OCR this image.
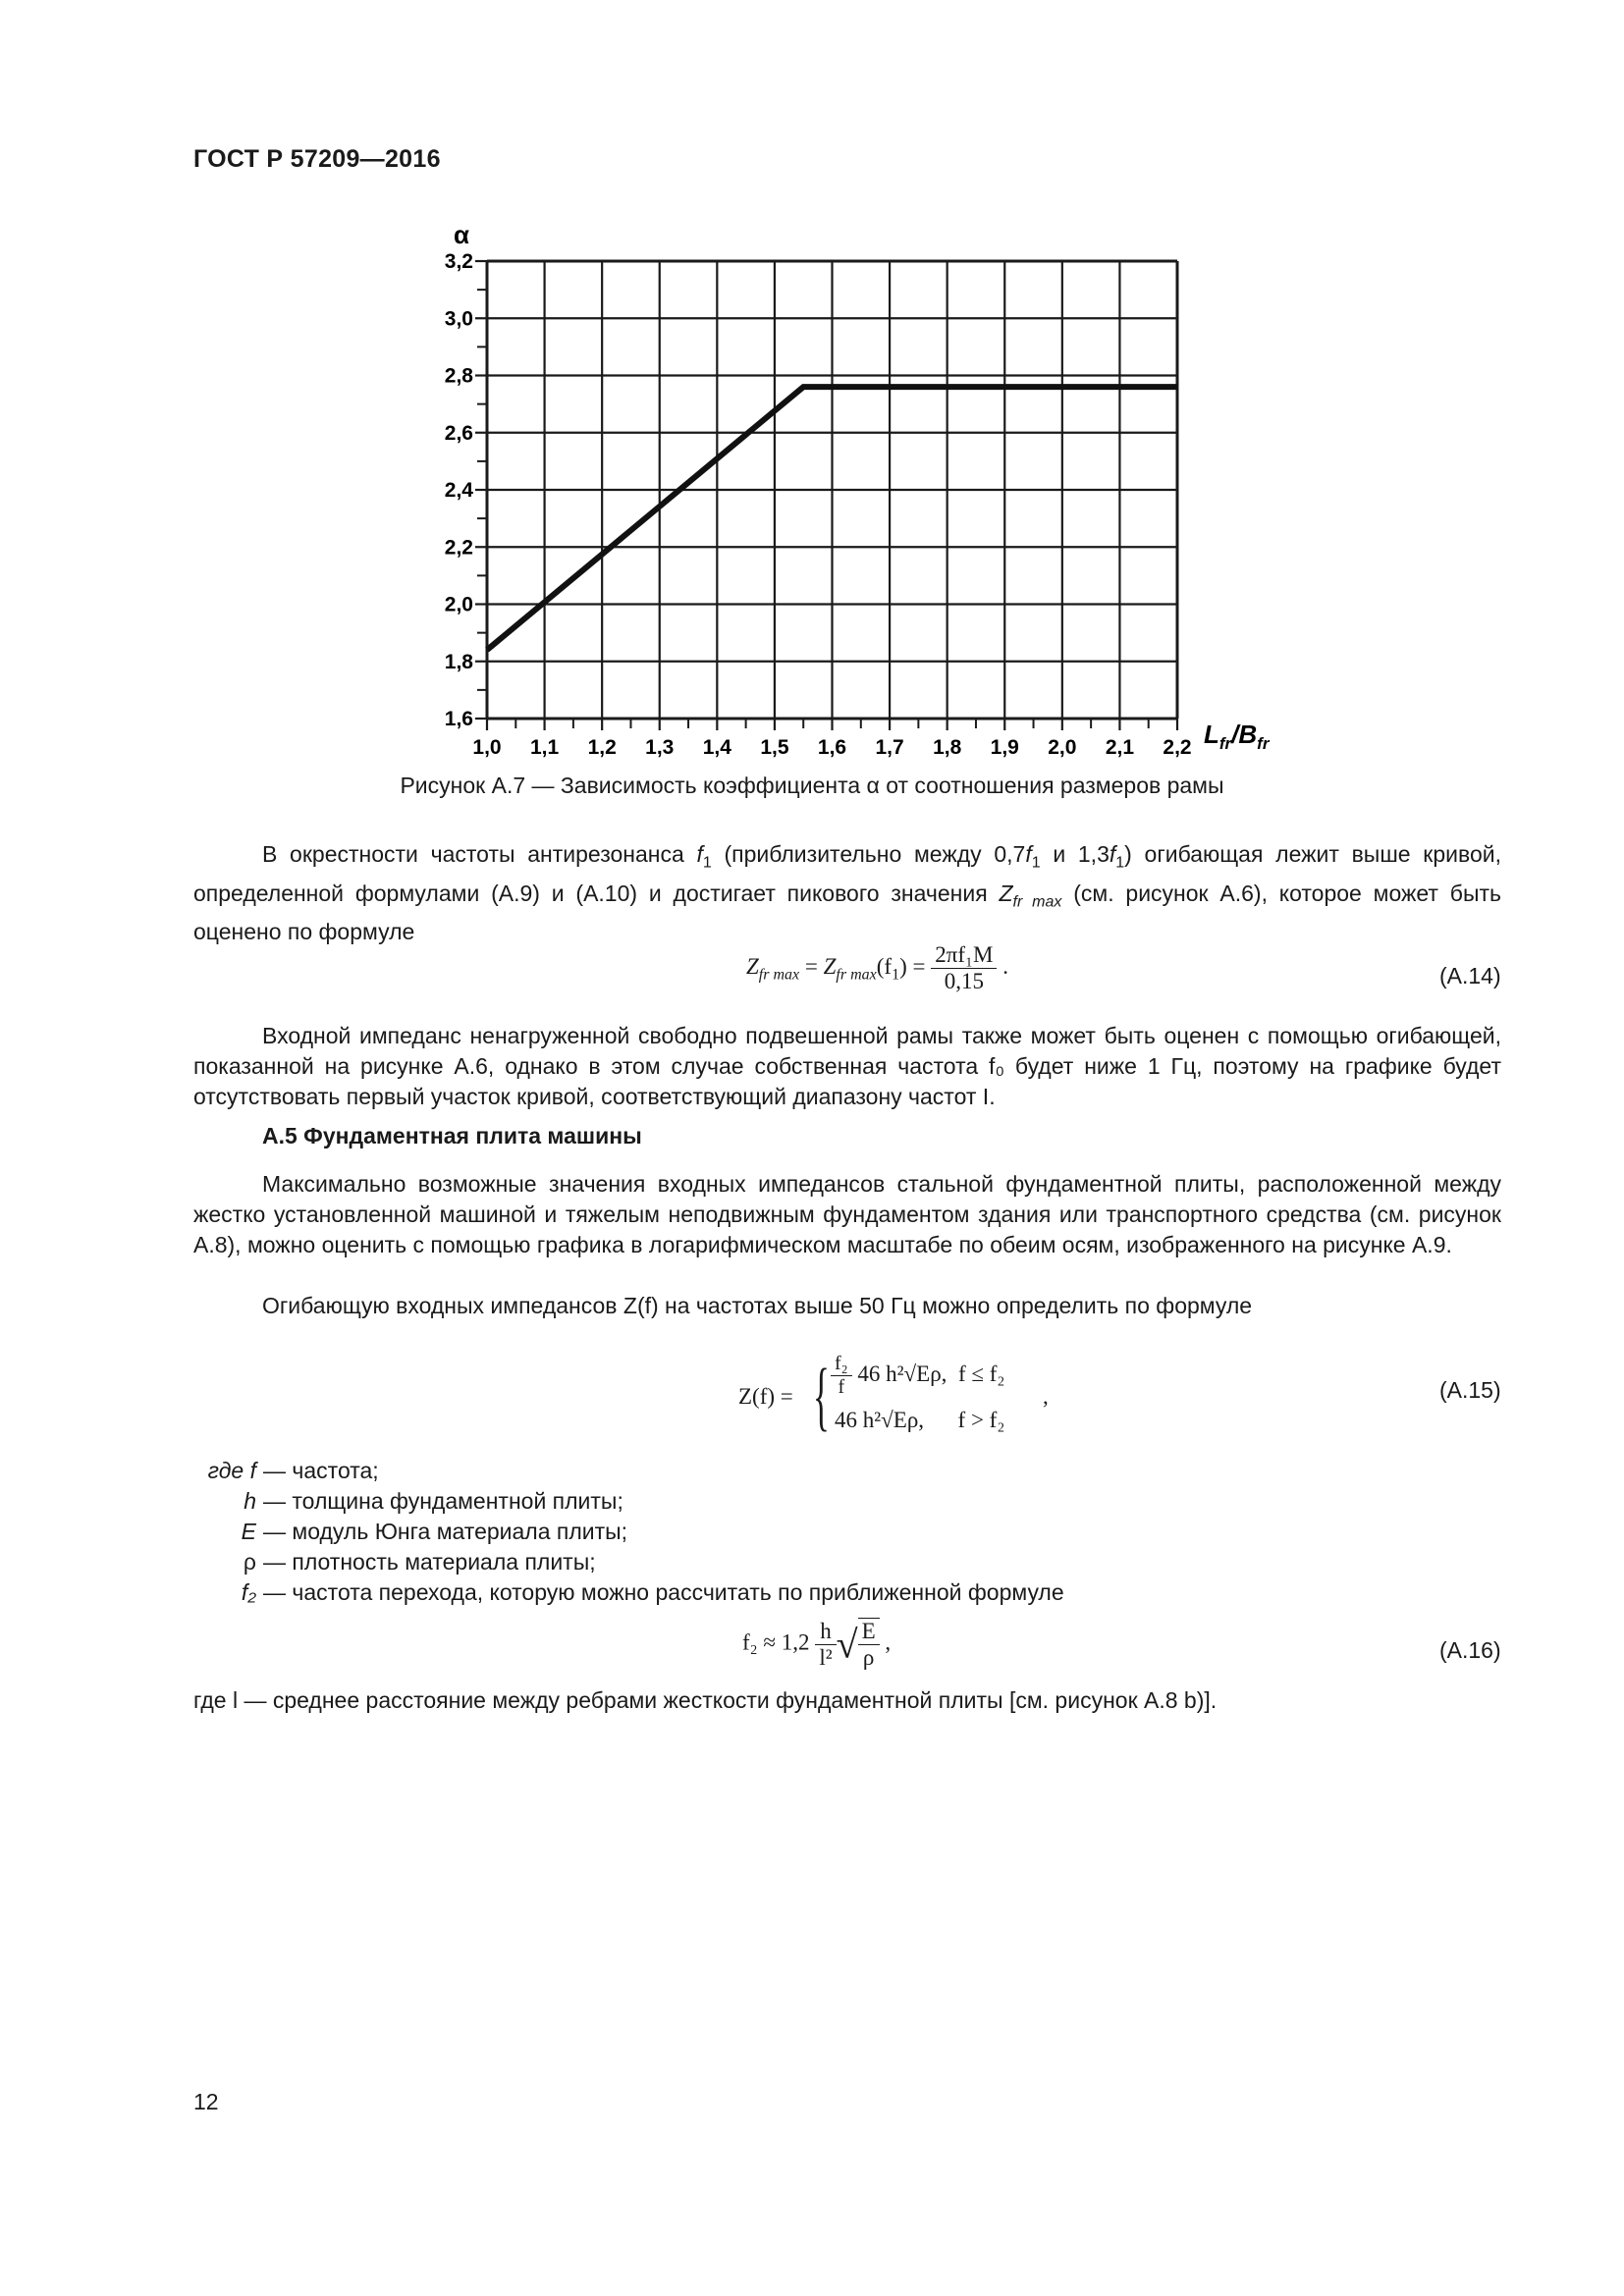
ГОСТ Р 57209—2016
1,0 1,1 1,2 1,3 1,4 1,5 1,6 1,7 1,8 1,9 2,0 2,1 2,2
1,6
1,8
2,0
2,2
2,4
2,6
2,8
3,0
3,2
α
$L_{fr}/B_{fr}$
Рисунок А.7 — Зависимость коэффициента α от соотношения размеров рамы
В окрестности частоты антирезонанса $f_1$ (приблизительно между $0,7f_1$ и $1,3f_1$) огибающая лежит выше кривой, определенной формулами (А.9) и (А.10) и достигает пикового значения $Z_{fr max}$ (см. рисунок А.6), которое может быть оценено по формуле
$Z_{fr max} = Z_{fr max}(f_1) = \frac{\text{2πf₁M}}{0,15}$ .	(А.14)
Входной импеданс ненагруженной свободно подвешенной рамы также может быть оценен с помощью огибающей, показанной на рисунке А.6, однако в этом случае собственная частота f₀ будет ниже 1 Гц, поэтому на графике будет отсутствовать первый участок кривой, соответствующий диапазону частот I.
А.5 Фундаментная плита машины
Максимально возможные значения входных импедансов стальной фундаментной плиты, расположенной между жестко установленной машиной и тяжелым неподвижным фундаментом здания или транспортного средства (см. рисунок А.8), можно оценить с помощью графика в логарифмическом масштабе по обеим осям, изображенного на рисунке А.9.
Огибающую входных импедансов Z(f) на частотах выше 50 Гц можно определить по формуле
Z(f) = { $\frac{\text{f₂}}{f} 46$ h²√Eρ, f ≤ f₂
46 h²√Eρ, f > f₂
,	(А.15)
где f — частота;
h — толщина фундаментной плиты;
E — модуль Юнга материала плиты;
ρ — плотность материала плиты;
f₂ — частота перехода, которую можно рассчитать по приближенной формуле
$f_2 \approx 1,2 \frac{h}{\text{l²}}$ √ $\frac{E}{\rho}$ ,	(А.16)
где l — среднее расстояние между ребрами жесткости фундаментной плиты [см. рисунок А.8 b)].
12
